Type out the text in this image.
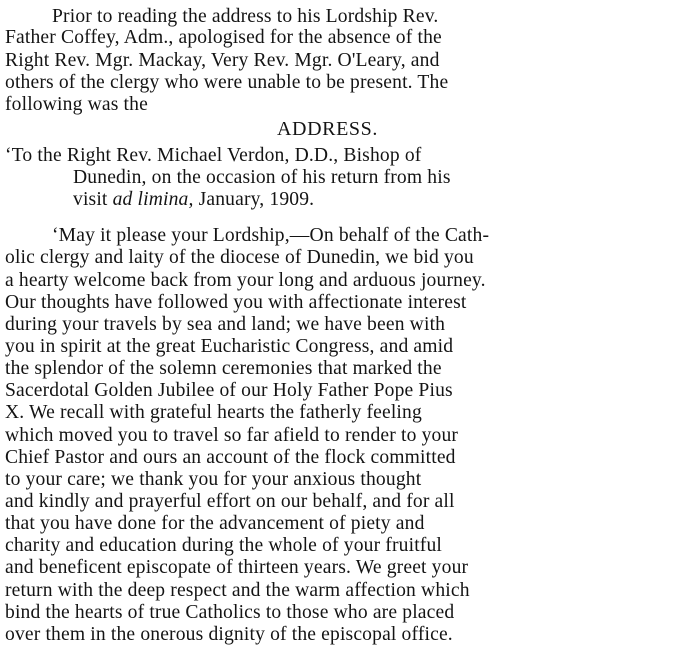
Prior to reading the address to his Lordship Rev.
Father Coffey, Adm., apologised for the absence of the
Right Rev. Mgr. Mackay, Very Rev. Mgr. O'Leary, and
others of the clergy who were unable to be present. The
following was the
ADDRESS.
‘To the Right Rev. Michael Verdon, D.D., Bishop of
Dunedin, on the occasion of his return from his
visit ad limina, January, 1909.
‘May it please your Lordship,—On behalf of the Cath-
olic clergy and laity of the diocese of Dunedin, we bid you
a hearty welcome back from your long and arduous journey.
Our thoughts have followed you with affectionate interest
during your travels by sea and land; we have been with
you in spirit at the great Eucharistic Congress, and amid
the splendor of the solemn ceremonies that marked the
Sacerdotal Golden Jubilee of our Holy Father Pope Pius
X. We recall with grateful hearts the fatherly feeling
which moved you to travel so far afield to render to your
Chief Pastor and ours an account of the flock committed
to your care; we thank you for your anxious thought
and kindly and prayerful effort on our behalf, and for all
that you have done for the advancement of piety and
charity and education during the whole of your fruitful
and beneficent episcopate of thirteen years. We greet your
return with the deep respect and the warm affection which
bind the hearts of true Catholics to those who are placed
over them in the onerous dignity of the episcopal office.
